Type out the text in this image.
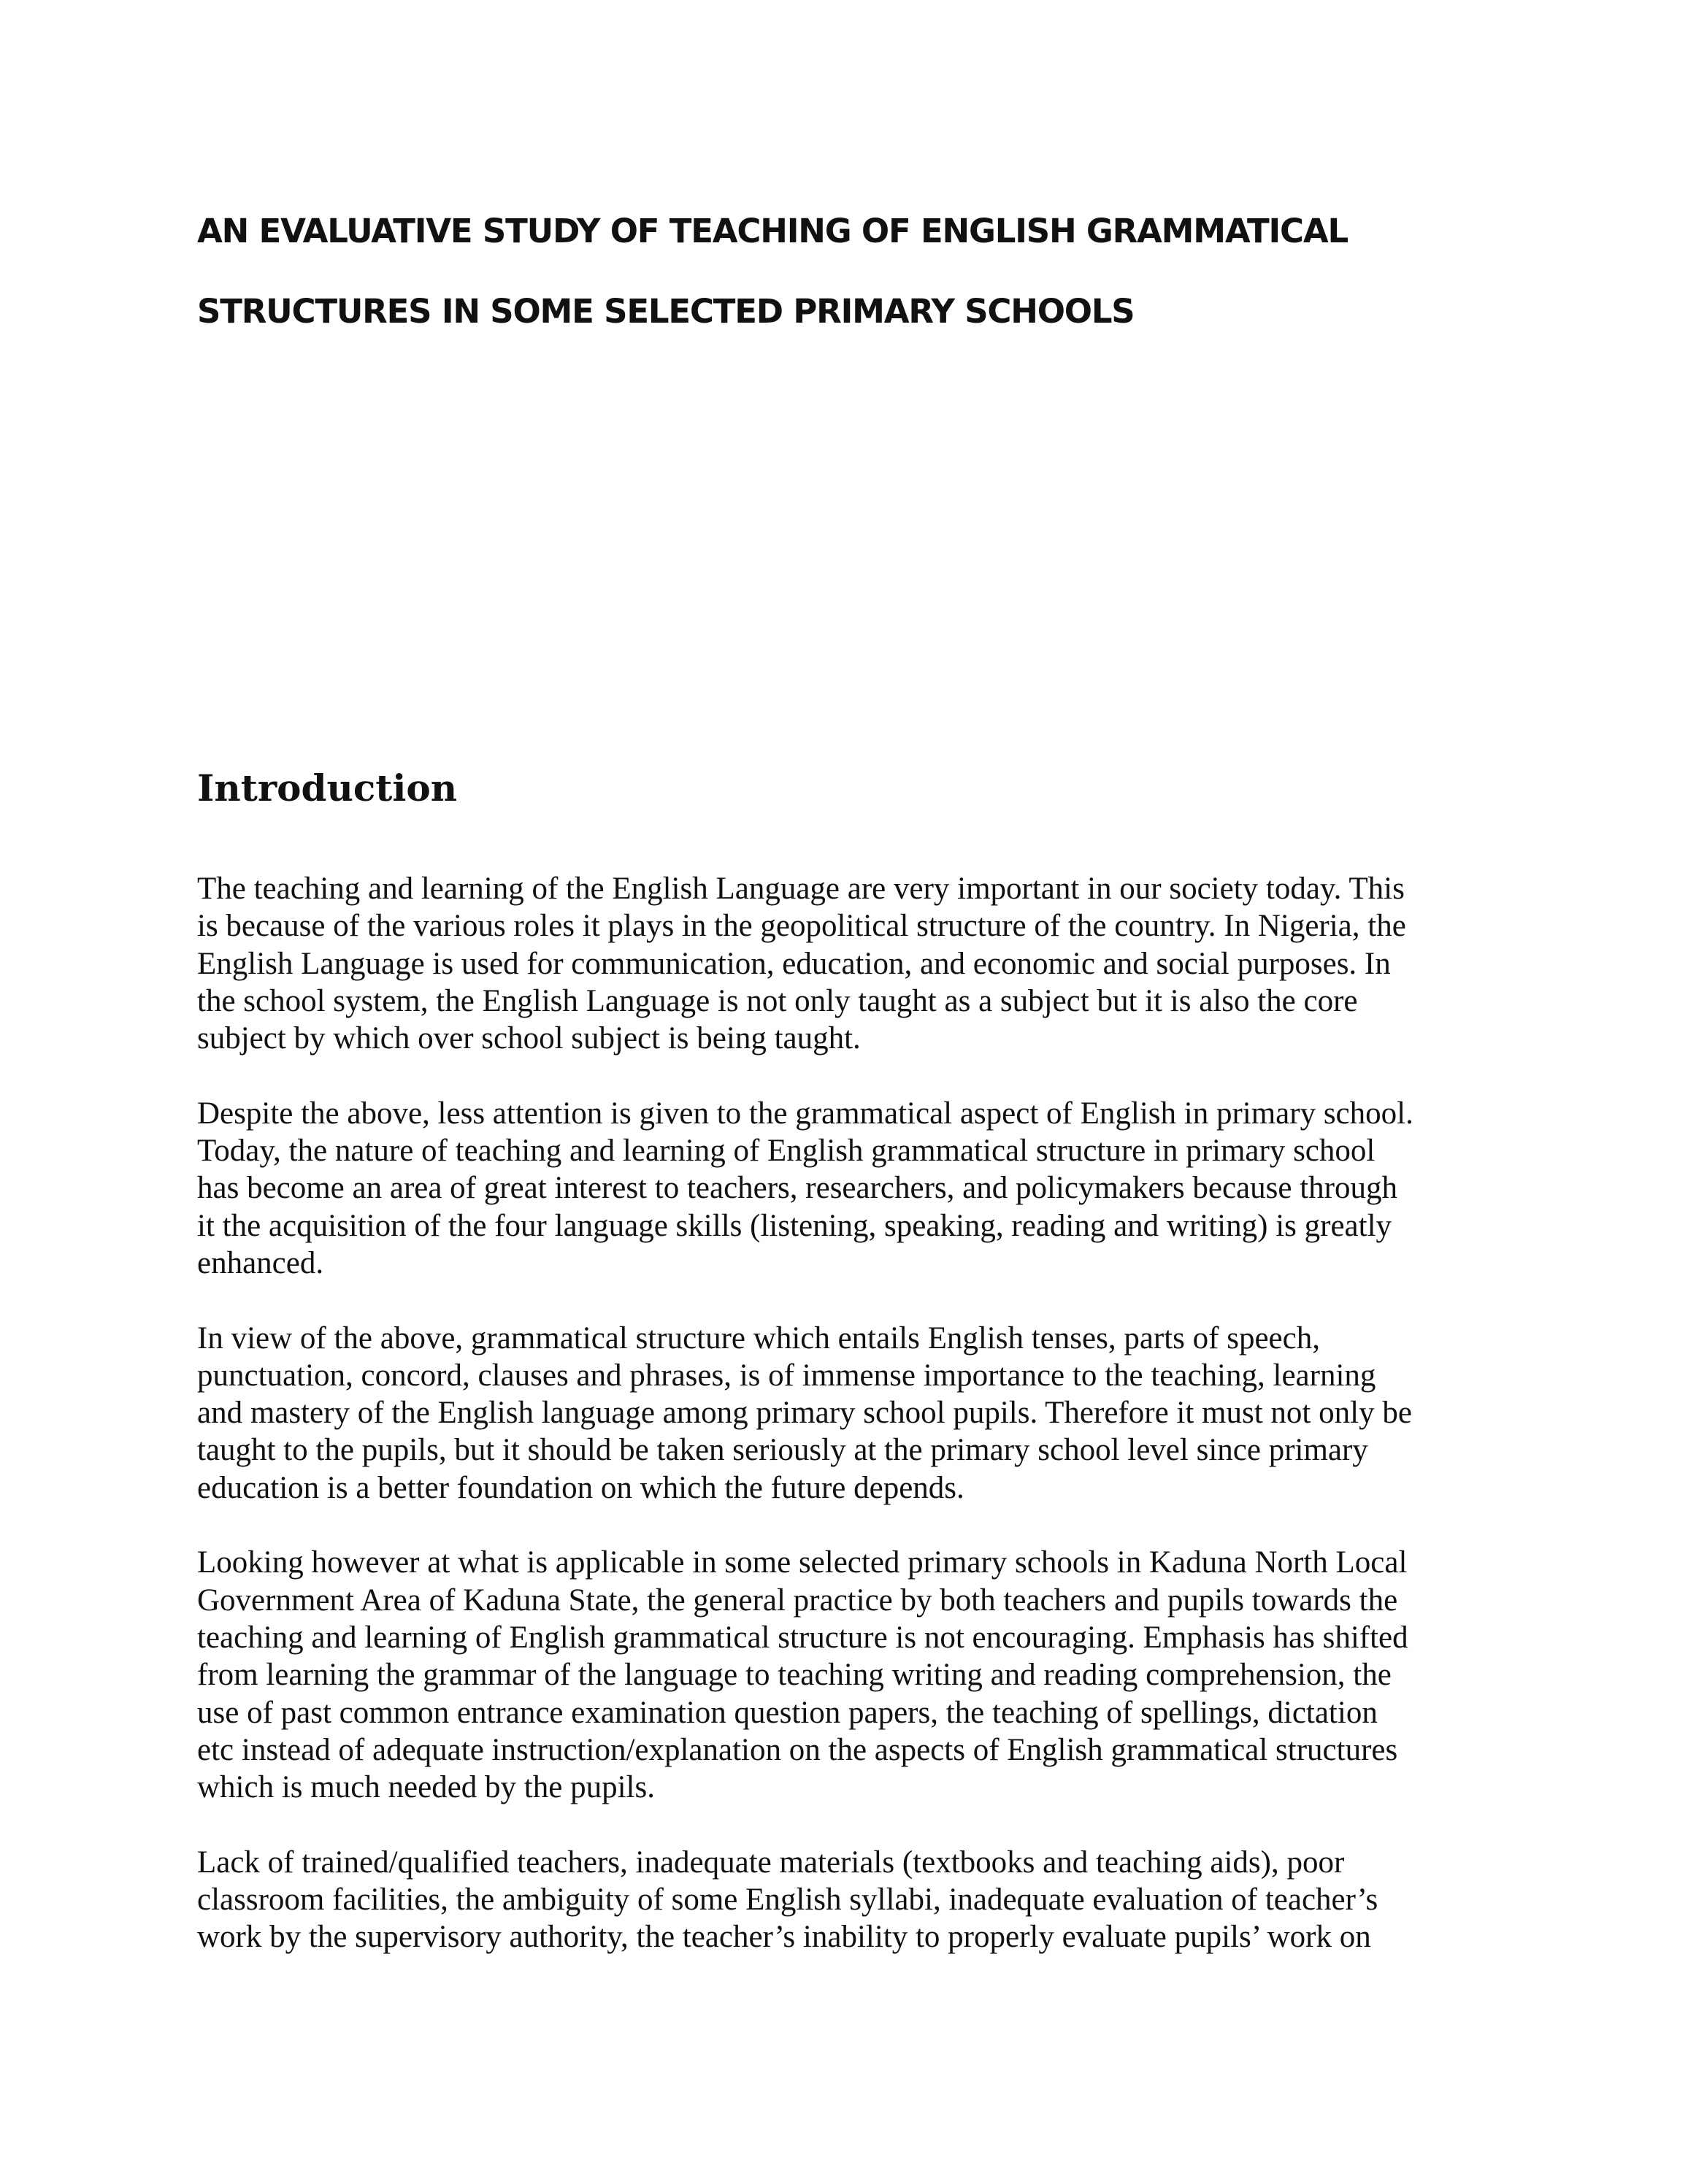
AN EVALUATIVE STUDY OF TEACHING OF ENGLISH GRAMMATICAL
STRUCTURES IN SOME SELECTED PRIMARY SCHOOLS
Introduction

The teaching and learning of the English Language are very important in our society today. This
is because of the various roles it plays in the geopolitical structure of the country. In Nigeria, the
English Language is used for communication, education, and economic and social purposes. In
the school system, the English Language is not only taught as a subject but it is also the core
subject by which over school subject is being taught.

Despite the above, less attention is given to the grammatical aspect of English in primary school.
Today, the nature of teaching and learning of English grammatical structure in primary school
has become an area of great interest to teachers, researchers, and policymakers because through
it the acquisition of the four language skills (listening, speaking, reading and writing) is greatly
enhanced.

In view of the above, grammatical structure which entails English tenses, parts of speech,
punctuation, concord, clauses and phrases, is of immense importance to the teaching, learning
and mastery of the English language among primary school pupils. Therefore it must not only be
taught to the pupils, but it should be taken seriously at the primary school level since primary
education is a better foundation on which the future depends.

Looking however at what is applicable in some selected primary schools in Kaduna North Local
Government Area of Kaduna State, the general practice by both teachers and pupils towards the
teaching and learning of English grammatical structure is not encouraging. Emphasis has shifted
from learning the grammar of the language to teaching writing and reading comprehension, the
use of past common entrance examination question papers, the teaching of spellings, dictation
etc instead of adequate instruction/explanation on the aspects of English grammatical structures
which is much needed by the pupils.

Lack of trained/qualified teachers, inadequate materials (textbooks and teaching aids), poor
classroom facilities, the ambiguity of some English syllabi, inadequate evaluation of teacher’s
work by the supervisory authority, the teacher’s inability to properly evaluate pupils’ work on
